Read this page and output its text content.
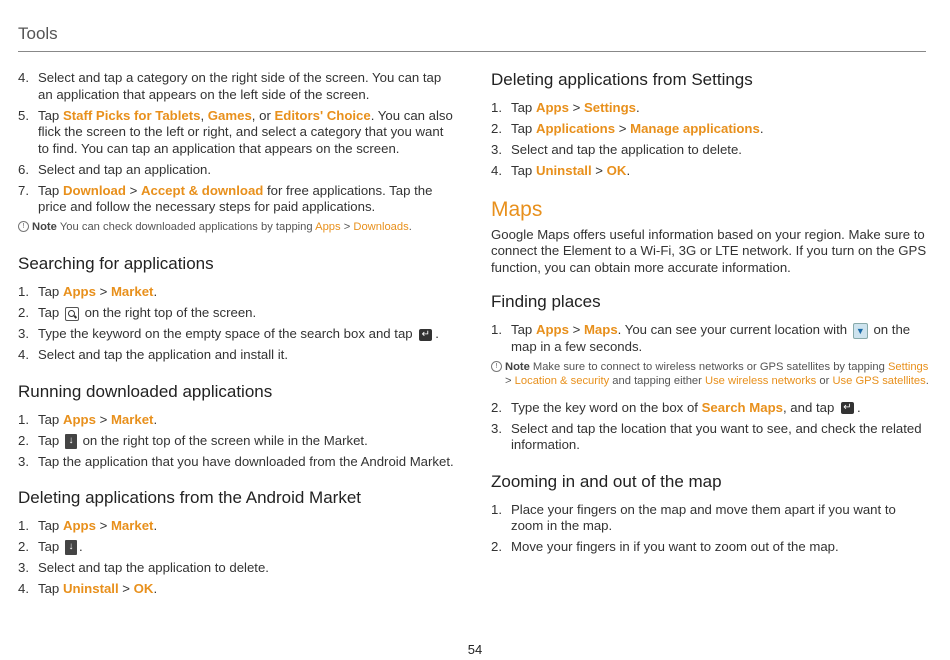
Tools
4. Select and tap a category on the right side of the screen. You can tap an application that appears on the left side of the screen.
5. Tap Staff Picks for Tablets, Games, or Editors' Choice. You can also flick the screen to the left or right, and select a category that you want to find. You can tap an application that appears on the screen.
6. Select and tap an application.
7. Tap Download > Accept & download for free applications. Tap the price and follow the necessary steps for paid applications.
! Note You can check downloaded applications by tapping Apps > Downloads.
Searching for applications
1. Tap Apps > Market.
2. Tap  on the right top of the screen.
3. Type the keyword on the empty space of the search box and tap ↵ .
4. Select and tap the application and install it.
Running downloaded applications
1. Tap Apps > Market.
2. Tap ↓ on the right top of the screen while in the Market.
3. Tap the application that you have downloaded from the Android Market.
Deleting applications from the Android Market
1. Tap Apps > Market.
2. Tap ↓ .
3. Select and tap the application to delete.
4. Tap Uninstall > OK.
Deleting applications from Settings
1. Tap Apps > Settings.
2. Tap Applications > Manage applications.
3. Select and tap the application to delete.
4. Tap Uninstall > OK.
Maps

Google Maps offers useful information based on your region. Make sure to connect the Element to a Wi-Fi, 3G or LTE network. If you turn on the GPS function, you can obtain more accurate information.

Finding places
1. Tap Apps > Maps. You can see your current location with ▼ on the map in a few seconds.
! Note Make sure to connect to wireless networks or GPS satellites by tapping Settings > Location & security and tapping either Use wireless networks or Use GPS satellites.
2. Type the key word on the box of Search Maps, and tap ↵ .
3. Select and tap the location that you want to see, and check the related information.
Zooming in and out of the map
1. Place your fingers on the map and move them apart if you want to zoom in the map.
2. Move your fingers in if you want to zoom out of the map.
54
